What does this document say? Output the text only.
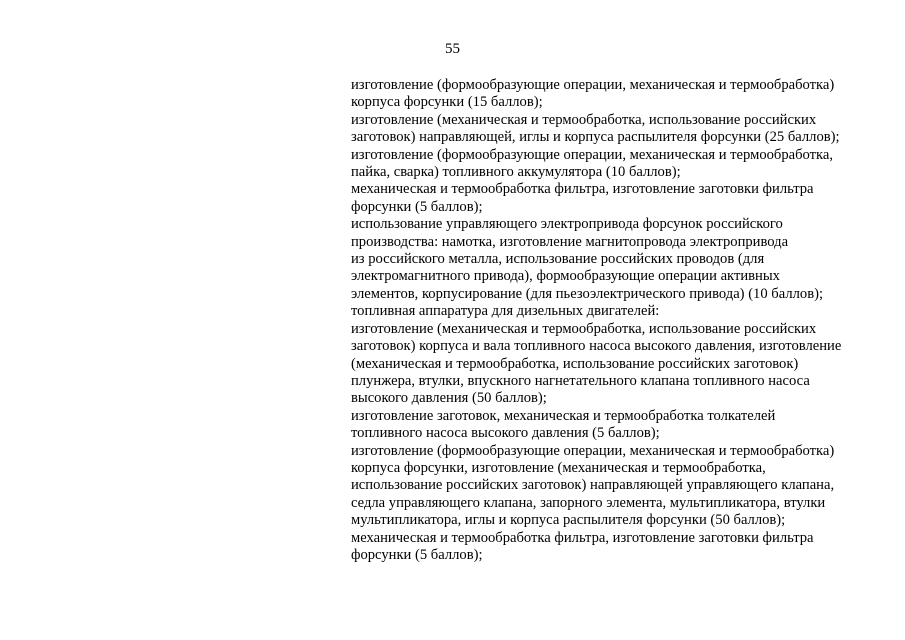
55
изготовление (формообразующие операции, механическая и термообработка)
корпуса форсунки (15 баллов);
изготовление (механическая и термообработка, использование российских
заготовок) направляющей, иглы и корпуса распылителя форсунки (25 баллов);
изготовление (формообразующие операции, механическая и термообработка,
пайка, сварка) топливного аккумулятора (10 баллов);
механическая и термообработка фильтра, изготовление заготовки фильтра
форсунки (5 баллов);
использование управляющего электропривода форсунок российского
производства: намотка, изготовление магнитопровода электропривода
из российского металла, использование российских проводов (для
электромагнитного привода), формообразующие операции активных
элементов, корпусирование (для пьезоэлектрического привода) (10 баллов);
топливная аппаратура для дизельных двигателей:
изготовление (механическая и термообработка, использование российских
заготовок) корпуса и вала топливного насоса высокого давления, изготовление
(механическая и термообработка, использование российских заготовок)
плунжера, втулки, впускного нагнетательного клапана топливного насоса
высокого давления (50 баллов);
изготовление заготовок, механическая и термообработка толкателей
топливного насоса высокого давления (5 баллов);
изготовление (формообразующие операции, механическая и термообработка)
корпуса форсунки, изготовление (механическая и термообработка,
использование российских заготовок) направляющей управляющего клапана,
седла управляющего клапана, запорного элемента, мультипликатора, втулки
мультипликатора, иглы и корпуса распылителя форсунки (50 баллов);
механическая и термообработка фильтра, изготовление заготовки фильтра
форсунки (5 баллов);
